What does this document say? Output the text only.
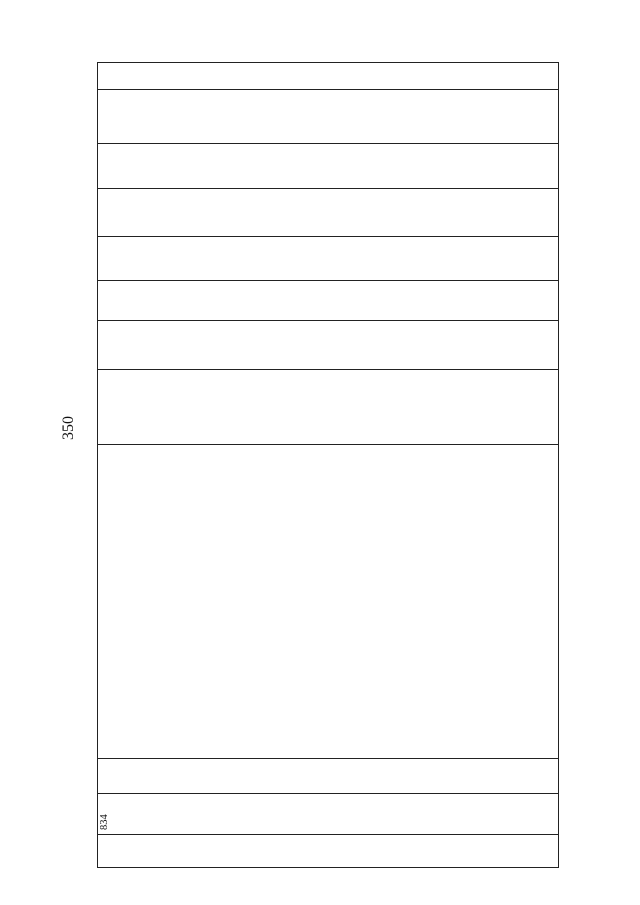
350
	834															
